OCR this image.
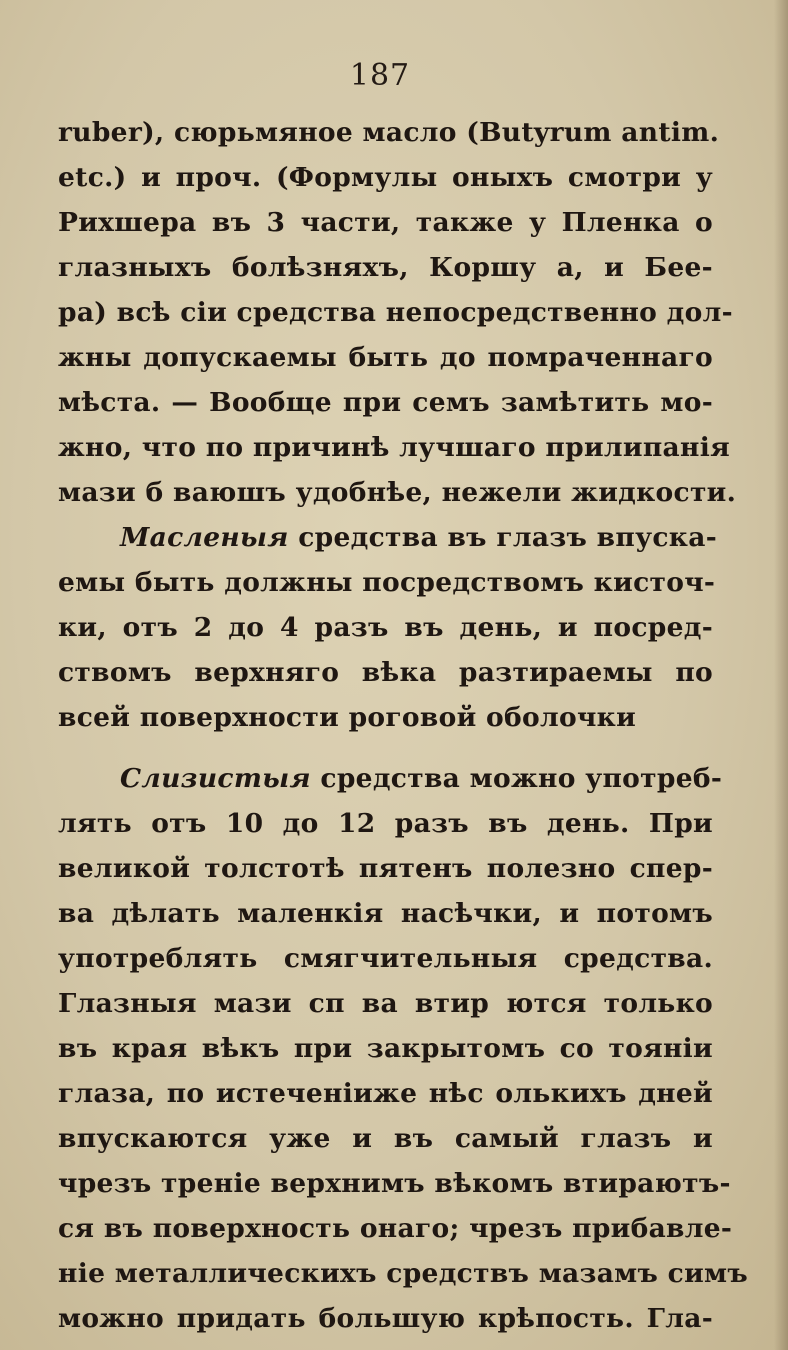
187
ruber), сюрьмяное масло (Butyrum antim.
etc.) и проч. (Формулы оныхъ смотри у
Рихшера въ 3 части, также у Пленка о
глазныхъ болѣзняхъ, Коршу а, и Бее-
ра) всѣ сіи средства непосредственно дол-
жны допускаемы быть до помраченнаго
мѣста. — Вообще при семъ замѣтить мо-
жно, что по причинѣ лучшаго прилипанія
мази б ваюшъ удобнѣе, нежели жидкости.
Масленыя средства въ глазъ впуска-
емы быть должны посредствомъ кисточ-
ки, отъ 2 до 4 разъ въ день, и посред-
ствомъ верхняго вѣка разтираемы по
всей поверхности роговой оболочки
Слизистыя средства можно употреб-
лять отъ 10 до 12 разъ въ день. При
великой толстотѣ пятенъ полезно спер-
ва дѣлать маленкія насѣчки, и потомъ
употреблять смягчительныя средства.
Глазныя мази сп ва втир ются только
въ края вѣкъ при закрытомъ со тояніи
глаза, по истеченіиже нѣс олькихъ дней
впускаются уже и въ самый глазъ и
чрезъ треніе верхнимъ вѣкомъ втираютъ-
ся въ поверхность онаго; чрезъ прибавле-
ніе металлическихъ средствъ мазамъ симъ
можно придать большую крѣпость. Гла-
